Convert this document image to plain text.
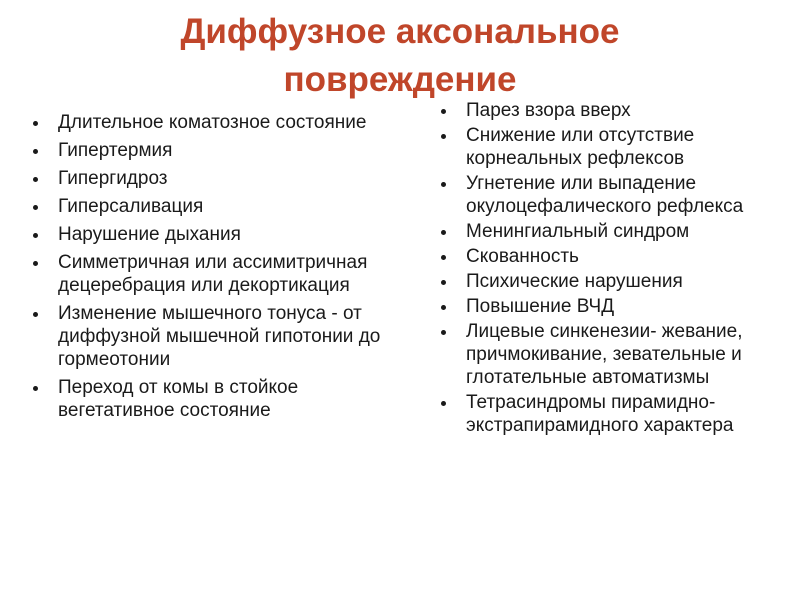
Диффузное аксональное
повреждение
Длительное коматозное состояние
Гипертермия
Гипергидроз
Гиперсаливация
Нарушение дыхания
Симметричная или ассимитричная децеребрация или декортикация
Изменение мышечного тонуса - от диффузной мышечной гипотонии до гормеотонии
Переход от комы в стойкое вегетативное состояние
Парез взора вверх
Снижение или отсутствие корнеальных рефлексов
Угнетение или выпадение окулоцефалического рефлекса
Менингиальный синдром
Скованность
Психические нарушения
Повышение ВЧД
Лицевые синкенезии- жевание, причмокивание, зевательные и глотательные автоматизмы
Тетрасиндромы пирамидно- экстрапирамидного характера
